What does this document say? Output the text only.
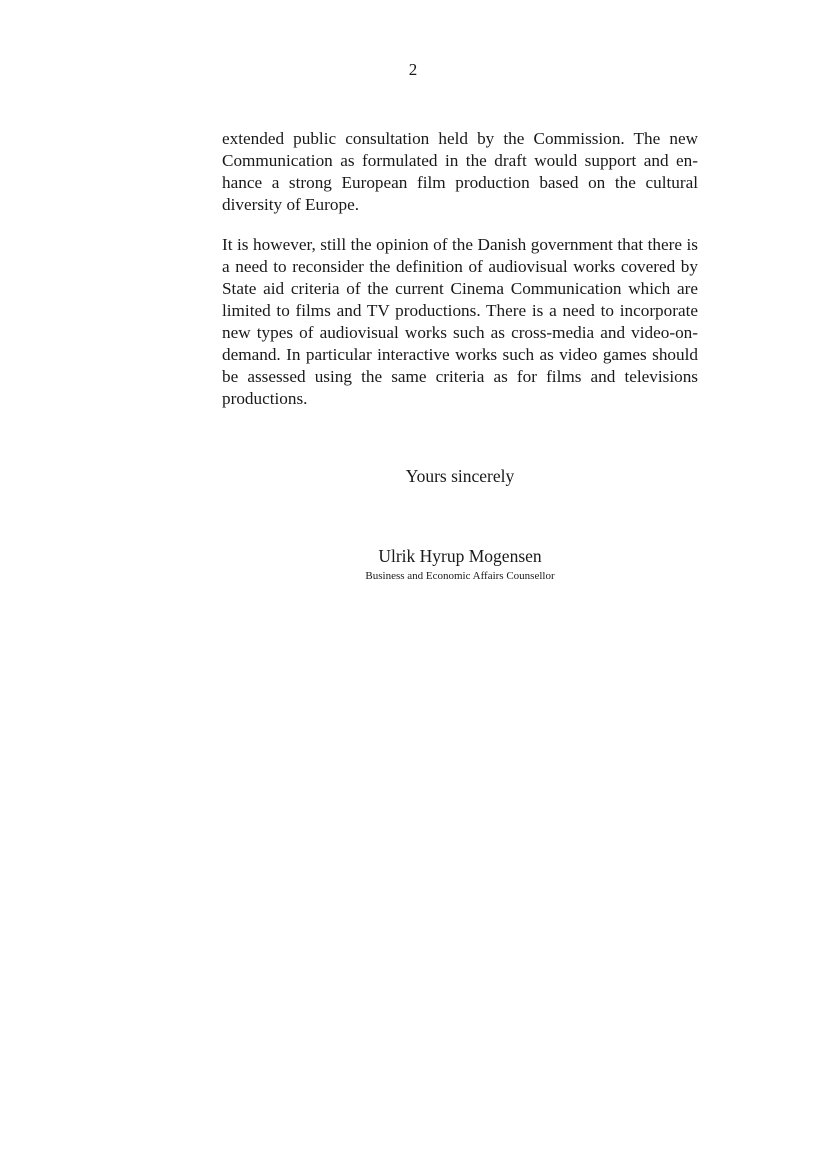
2

extended public consultation held by the Commission. The new Communication as formulated in the draft would support and enhance a strong European film production based on the cultural diversity of Europe.

It is however, still the opinion of the Danish government that there is a need to reconsider the definition of audiovisual works covered by State aid criteria of the current Cinema Communication which are limited to films and TV productions. There is a need to incorporate new types of audiovisual works such as cross-media and video-on-demand. In particular interactive works such as video games should be assessed using the same criteria as for films and televisions productions.

Yours sincerely
Ulrik Hyrup Mogensen
Business and Economic Affairs Counsellor
